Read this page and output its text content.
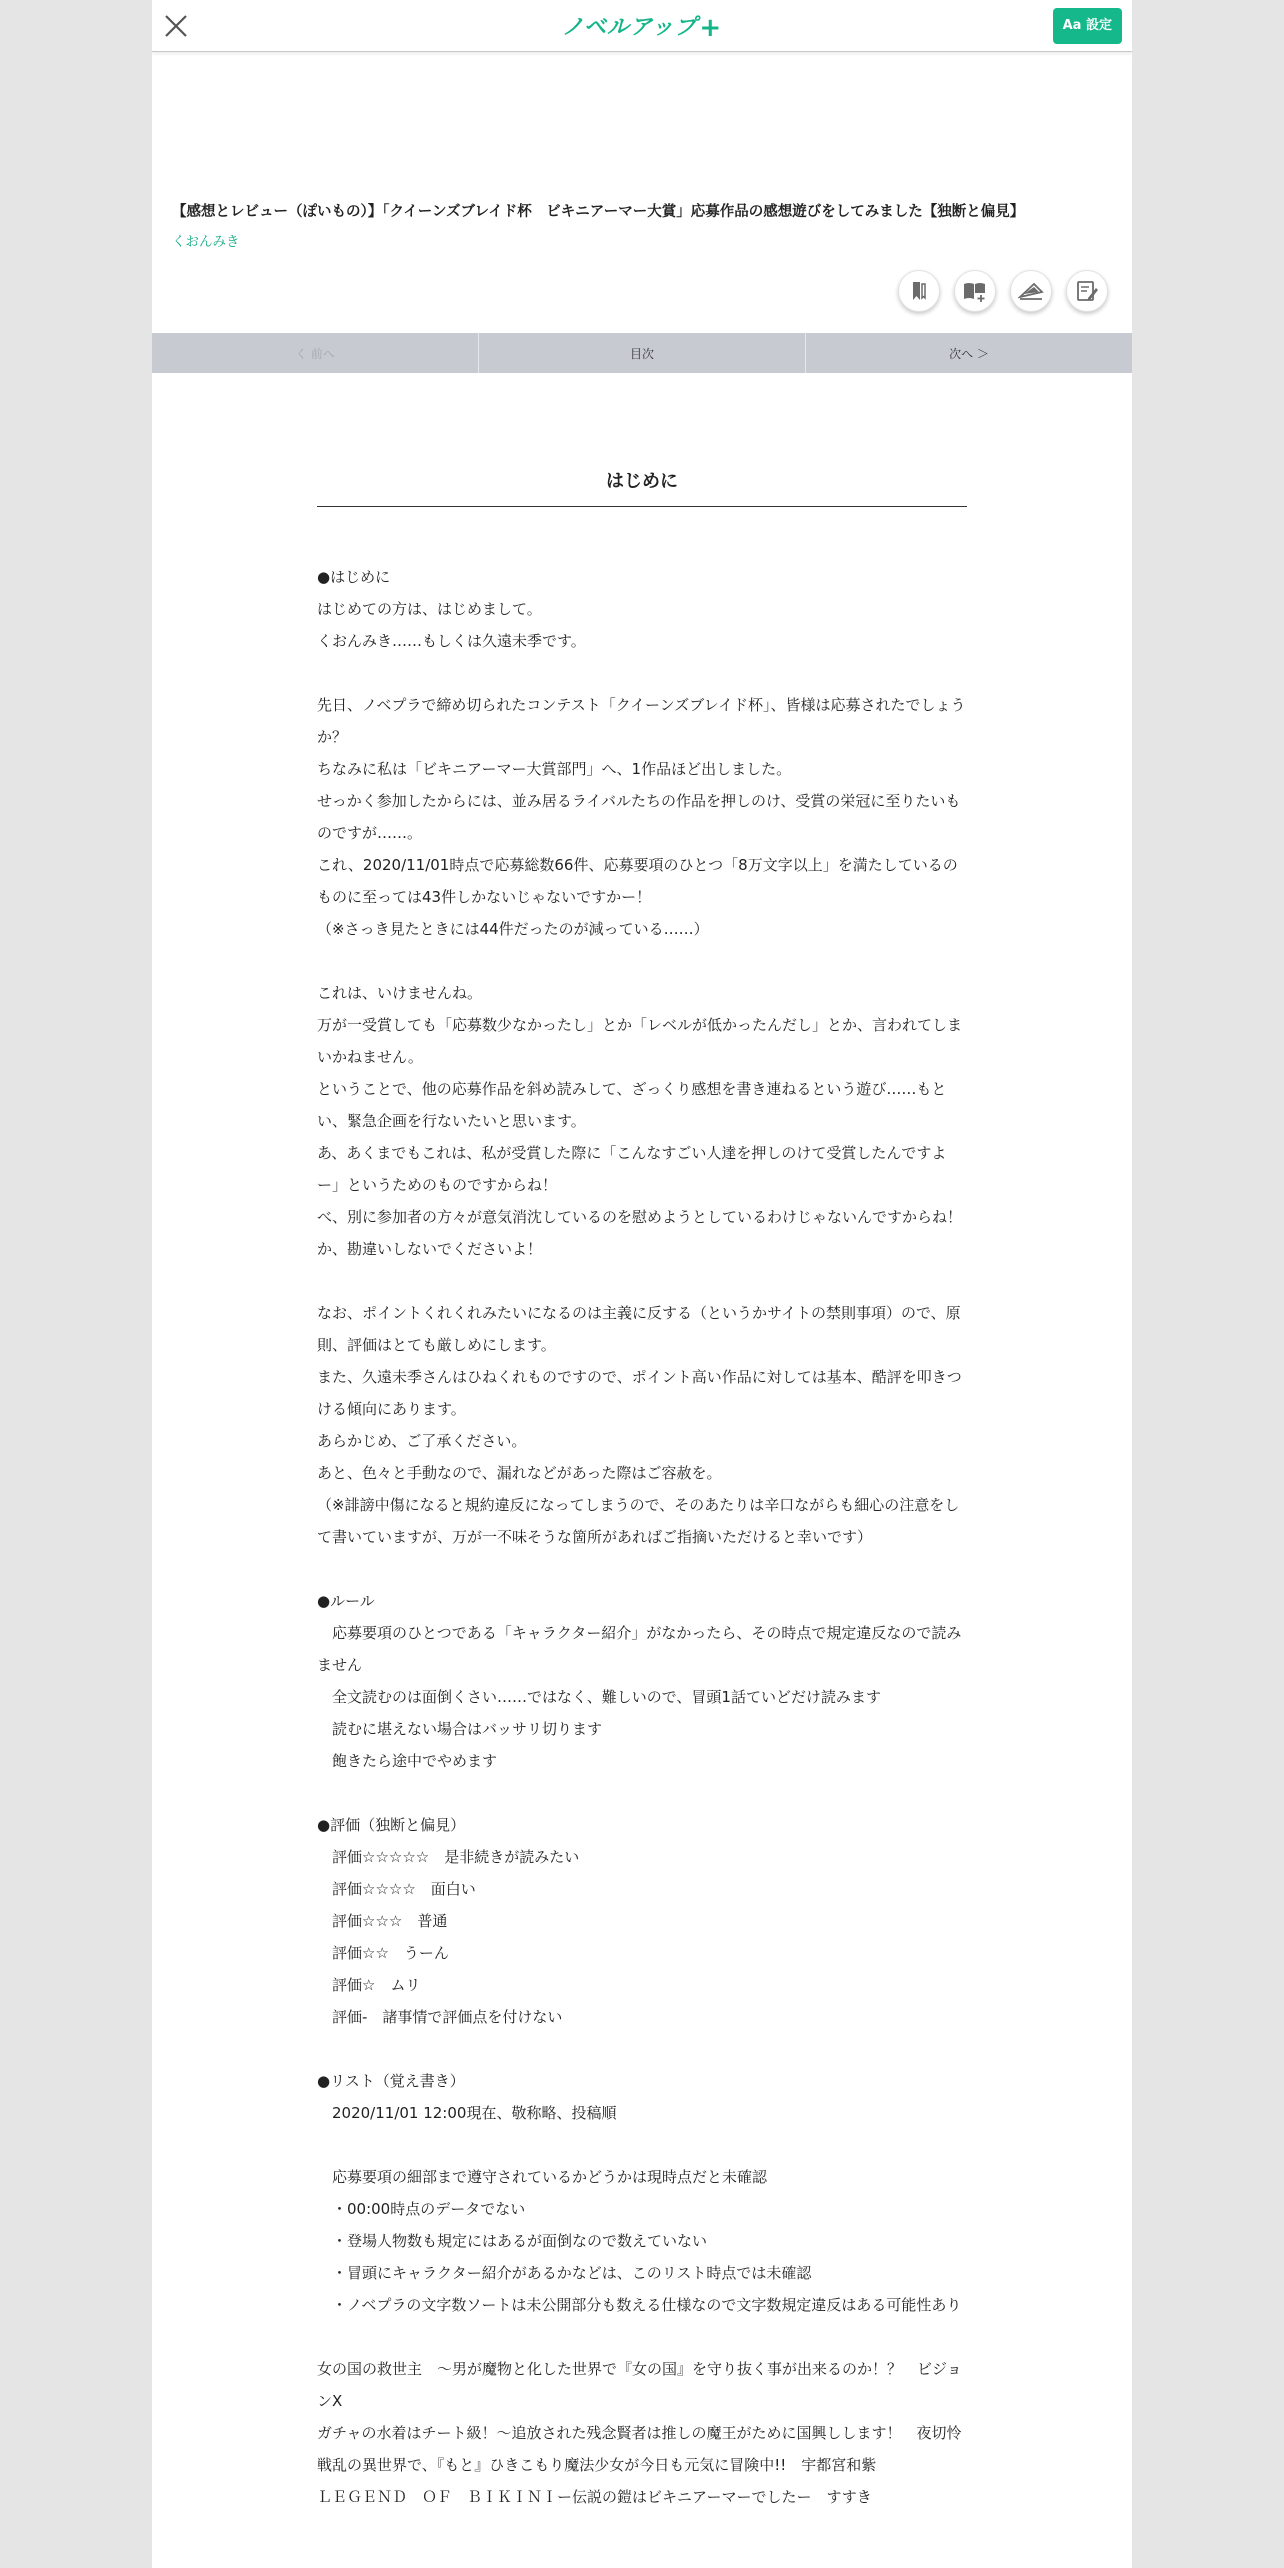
ノベルアップ+	Aa 設定
【感想とレビュー（ぽいもの）】「クイーンズブレイド杯　ビキニアーマー大賞」応募作品の感想遊びをしてみました【独断と偏見】
くおんみき
く 前へ	目次	次へ ＞
はじめに
●はじめに
はじめての方は、はじめまして。
くおんみき……もしくは久遠未季です。
先日、ノベプラで締め切られたコンテスト「クイーンズブレイド杯」、皆様は応募されたでしょうか？
ちなみに私は「ビキニアーマー大賞部門」へ、1作品ほど出しました。
せっかく参加したからには、並み居るライバルたちの作品を押しのけ、受賞の栄冠に至りたいものですが……。
これ、2020/11/01時点で応募総数66件、応募要項のひとつ「8万文字以上」を満たしているのものに至っては43件しかないじゃないですかー！
（※さっき見たときには44件だったのが減っている……）
これは、いけませんね。
万が一受賞しても「応募数少なかったし」とか「レベルが低かったんだし」とか、言われてしまいかねません。
ということで、他の応募作品を斜め読みして、ざっくり感想を書き連ねるという遊び……もとい、緊急企画を行ないたいと思います。
あ、あくまでもこれは、私が受賞した際に「こんなすごい人達を押しのけて受賞したんですよー」というためのものですからね！
べ、別に参加者の方々が意気消沈しているのを慰めようとしているわけじゃないんですからね！　か、勘違いしないでくださいよ！
なお、ポイントくれくれみたいになるのは主義に反する（というかサイトの禁則事項）ので、原則、評価はとても厳しめにします。
また、久遠未季さんはひねくれものですので、ポイント高い作品に対しては基本、酷評を叩きつける傾向にあります。
あらかじめ、ご了承ください。
あと、色々と手動なので、漏れなどがあった際はご容赦を。
（※誹謗中傷になると規約違反になってしまうので、そのあたりは辛口ながらも細心の注意をして書いていますが、万が一不味そうな箇所があればご指摘いただけると幸いです）
●ルール
　応募要項のひとつである「キャラクター紹介」がなかったら、その時点で規定違反なので読みません
　全文読むのは面倒くさい……ではなく、難しいので、冒頭1話ていどだけ読みます
　読むに堪えない場合はバッサリ切ります
　飽きたら途中でやめます
●評価（独断と偏見）
　評価☆☆☆☆☆　是非続きが読みたい
　評価☆☆☆☆　面白い
　評価☆☆☆　普通
　評価☆☆　うーん
　評価☆　ムリ
　評価-　諸事情で評価点を付けない
●リスト（覚え書き）
　2020/11/01 12:00現在、敬称略、投稿順
　応募要項の細部まで遵守されているかどうかは現時点だと未確認
　・00:00時点のデータでない
　・登場人物数も規定にはあるが面倒なので数えていない
　・冒頭にキャラクター紹介があるかなどは、このリスト時点では未確認
　・ノベプラの文字数ソートは未公開部分も数える仕様なので文字数規定違反はある可能性あり
女の国の救世主　～男が魔物と化した世界で『女の国』を守り抜く事が出来るのか！？　ビジョンX
ガチャの水着はチート級！～追放された残念賢者は推しの魔王がために国興しします！　夜切怜
戦乱の異世界で、『もと』ひきこもり魔法少女が今日も元気に冒険中!!　宇都宮和紫
ＬＥＧＥＮＤ　ＯＦ　ＢＩＫＩＮＩー伝説の鎧はビキニアーマーでしたー　すすき
